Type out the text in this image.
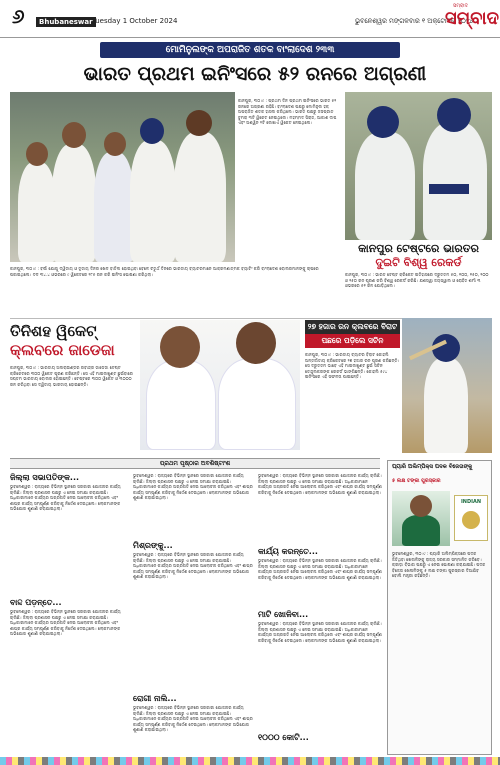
୬	Bhubaneswar Tuesday 1 October 2024	ଭୁବନେଶ୍ୱର ମଙ୍ଗଳବାର ୧ ଅକ୍ଟୋବର ୨୦୨୪
ସମ୍ବାଦ
ସମ୍ବାଦ
ମୋମିନୁଲଙ୍କ ଅପରାଜିତ ଶତକ ବାଂଲାଦେଶ ୨୩୩
ଭାରତ ପ୍ରଥମ ଇନିଂସରେ ୫୨ ରନରେ ଅଗ୍ରଣୀ
କାନପୁର, ୩୦।୯ : ପ୍ରଥମ ଦିନ ପ୍ରଥମ ଇନିଂସରେ ଭାରତ ୫୨ ରନରେ ଅଗ୍ରଣୀ ରହିଛି। ବାଂଲାଦେଶ ପକ୍ଷରୁ ମୋମିନୁଲ ହକ୍ ଅପରାଜିତ ଶତକ ହାସଲ କରିଥିଲେ। ଭାରତ ପକ୍ଷରୁ ଜସପ୍ରୀତ ବୁମରା ୩ଟି ୱିକେଟ ନେଇଥିଲେ। ମହମ୍ମଦ ସିରାଜ, ଆକାଶ ଦୀପ ଏବଂ ଅଶ୍ୱିନ ୨ଟି ଲେଖାଏଁ ୱିକେଟ ନେଇଥିଲେ।
କାନପୁର ଟେଷ୍ଟରେ ଭାରତର
ଦୁଇଟି ବିଶ୍ୱ ରେକର୍ଡ
କାନପୁର, ୩୦।୯ : ବର୍ଷା ଯୋଗୁ ଦ୍ୱିତୀୟ ଓ ତୃତୀୟ ଦିନର ଖେଳ ବାତିଲ ହୋଇଥିବା ବେଳେ ଚତୁର୍ଥ ଦିନରେ ଭାରତୀୟ ବ୍ୟାଟରମାନେ ଆକ୍ରମଣାତ୍ମକ ବ୍ୟାଟିଂ କରି ବାଂଲାଦେଶ ବୋଲରମାନଙ୍କୁ ଚାପରେ ପକାଇଥିଲେ। ଦଳ ୩୪.୪ ଓଭରରେ ୯ ୱିକେଟରେ ୨୮୫ ରନ କରି ଇନିଂସ ଘୋଷଣା କରିଥିଲା।	କାନପୁର, ୩୦।୯ : ଭାରତ ଟେଷ୍ଟ କ୍ରିକେଟ ଇତିହାସରେ ଦ୍ରୁତତମ ୫୦, ୧୦୦, ୧୫୦, ୨୦୦ ଓ ୨୫୦ ରନ ପୂରଣ କରି ବିଶ୍ୱ ରେକର୍ଡ କରିଛି। ଯଶସ୍ୱୀ ଜୟସ୍ୱାଲ ଓ ରୋହିତ ଶର୍ମା ୩ ଓଭରରେ ୫୧ ରନ ଯୋଡ଼ିଥିଲେ।
ତିନିଶହ ୱିକେଟ୍
କ୍ଲବରେ ଜାଡେଜା
କାନପୁର, ୩୦।୯ : ଭାରତୀୟ ଅଲରାଉଣ୍ଡର ରବୀନ୍ଦ୍ର ଜାଡେଜା ଟେଷ୍ଟ କ୍ରିକେଟରେ ୩୦୦ ୱିକେଟ ପୂରଣ କରିଛନ୍ତି। ସେ ଏହି ମାଇଲଖୁଣ୍ଟ ଛୁଇଁବାରେ ସପ୍ତମ ଭାରତୀୟ ବୋଲର ହୋଇଛନ୍ତି। ଟେଷ୍ଟରେ ୩୦୦ ୱିକେଟ ଓ ୩୦୦୦ ରନ କରିଥିବା ସେ ଦ୍ୱିତୀୟ ଭାରତୀୟ ହୋଇଛନ୍ତି।
୨୭ ହଜାର ରନ କ୍ଲବରେ ବିରାଟ
ପଛରେ ପଡ଼ିଲେ ସଚିନ
କାନପୁର, ୩୦।୯ : ଭାରତୀୟ ବ୍ୟାଟର ବିରାଟ କୋହଲି ଅନ୍ତର୍ଜାତୀୟ କ୍ରିକେଟରେ ୨୭ ହଜାର ରନ ପୂରଣ କରିଛନ୍ତି। ସେ ଦ୍ରୁତତମ ଭାବେ ଏହି ମାଇଲଖୁଣ୍ଟ ଛୁଇଁ ସଚିନ ତେନ୍ଦୁଲକରଙ୍କ ରେକର୍ଡ ଭାଙ୍ଗିଛନ୍ତି। କୋହଲି ୫୯୪ ଇନିଂସରେ ଏହି ସଫଳତା ପାଇଛନ୍ତି।
ପ୍ରଥମ ପୃଷ୍ଠାର ଅବଶିଷ୍ଟାଂଶ
ଜିଲ୍ଲା ସଭାପତିଙ୍କ...
ଭୁବନେଶ୍ୱର : ରାଜ୍ୟରେ ବିଭିନ୍ନ ସ୍ଥାନରେ ସରକାରୀ ଯୋଜନାର କାର୍ଯ୍ୟ ଚାଲିଛି। ଜିଲ୍ଲା ପ୍ରଶାସନ ପକ୍ଷରୁ ଏ ନେଇ ସମୀକ୍ଷା କରାଯାଇଛି। ଅଧିକାରୀମାନେ କାର୍ଯ୍ୟର ଅଗ୍ରଗତି ନେଇ ଆଲୋଚନା କରିଥିଲେ ଏବଂ ଶୀଘ୍ର କାର୍ଯ୍ୟ ସମ୍ପୂର୍ଣ୍ଣ କରିବାକୁ ନିର୍ଦ୍ଦେଶ ଦେଇଥିଲେ। ଲୋକମାନଙ୍କ ଅଭିଯୋଗ ଶୁଣାଣି କରାଯାଇଥିଲା।
ବାଦ୍ଦ ପଡ଼ନ୍ତେ...
ଭୁବନେଶ୍ୱର : ରାଜ୍ୟରେ ବିଭିନ୍ନ ସ୍ଥାନରେ ସରକାରୀ ଯୋଜନାର କାର୍ଯ୍ୟ ଚାଲିଛି। ଜିଲ୍ଲା ପ୍ରଶାସନ ପକ୍ଷରୁ ଏ ନେଇ ସମୀକ୍ଷା କରାଯାଇଛି। ଅଧିକାରୀମାନେ କାର୍ଯ୍ୟର ଅଗ୍ରଗତି ନେଇ ଆଲୋଚନା କରିଥିଲେ ଏବଂ ଶୀଘ୍ର କାର୍ଯ୍ୟ ସମ୍ପୂର୍ଣ୍ଣ କରିବାକୁ ନିର୍ଦ୍ଦେଶ ଦେଇଥିଲେ। ଲୋକମାନଙ୍କ ଅଭିଯୋଗ ଶୁଣାଣି କରାଯାଇଥିଲା।
ଭୁବନେଶ୍ୱର : ରାଜ୍ୟରେ ବିଭିନ୍ନ ସ୍ଥାନରେ ସରକାରୀ ଯୋଜନାର କାର୍ଯ୍ୟ ଚାଲିଛି। ଜିଲ୍ଲା ପ୍ରଶାସନ ପକ୍ଷରୁ ଏ ନେଇ ସମୀକ୍ଷା କରାଯାଇଛି। ଅଧିକାରୀମାନେ କାର୍ଯ୍ୟର ଅଗ୍ରଗତି ନେଇ ଆଲୋଚନା କରିଥିଲେ ଏବଂ ଶୀଘ୍ର କାର୍ଯ୍ୟ ସମ୍ପୂର୍ଣ୍ଣ କରିବାକୁ ନିର୍ଦ୍ଦେଶ ଦେଇଥିଲେ। ଲୋକମାନଙ୍କ ଅଭିଯୋଗ ଶୁଣାଣି କରାଯାଇଥିଲା।
ମିଶ୍ରଙ୍କୁ...
ଭୁବନେଶ୍ୱର : ରାଜ୍ୟରେ ବିଭିନ୍ନ ସ୍ଥାନରେ ସରକାରୀ ଯୋଜନାର କାର୍ଯ୍ୟ ଚାଲିଛି। ଜିଲ୍ଲା ପ୍ରଶାସନ ପକ୍ଷରୁ ଏ ନେଇ ସମୀକ୍ଷା କରାଯାଇଛି। ଅଧିକାରୀମାନେ କାର୍ଯ୍ୟର ଅଗ୍ରଗତି ନେଇ ଆଲୋଚନା କରିଥିଲେ ଏବଂ ଶୀଘ୍ର କାର୍ଯ୍ୟ ସମ୍ପୂର୍ଣ୍ଣ କରିବାକୁ ନିର୍ଦ୍ଦେଶ ଦେଇଥିଲେ। ଲୋକମାନଙ୍କ ଅଭିଯୋଗ ଶୁଣାଣି କରାଯାଇଥିଲା।
ରୋଗୀ ନାଲି...
ଭୁବନେଶ୍ୱର : ରାଜ୍ୟରେ ବିଭିନ୍ନ ସ୍ଥାନରେ ସରକାରୀ ଯୋଜନାର କାର୍ଯ୍ୟ ଚାଲିଛି। ଜିଲ୍ଲା ପ୍ରଶାସନ ପକ୍ଷରୁ ଏ ନେଇ ସମୀକ୍ଷା କରାଯାଇଛି। ଅଧିକାରୀମାନେ କାର୍ଯ୍ୟର ଅଗ୍ରଗତି ନେଇ ଆଲୋଚନା କରିଥିଲେ ଏବଂ ଶୀଘ୍ର କାର୍ଯ୍ୟ ସମ୍ପୂର୍ଣ୍ଣ କରିବାକୁ ନିର୍ଦ୍ଦେଶ ଦେଇଥିଲେ। ଲୋକମାନଙ୍କ ଅଭିଯୋଗ ଶୁଣାଣି କରାଯାଇଥିଲା।
ଭୁବନେଶ୍ୱର : ରାଜ୍ୟରେ ବିଭିନ୍ନ ସ୍ଥାନରେ ସରକାରୀ ଯୋଜନାର କାର୍ଯ୍ୟ ଚାଲିଛି। ଜିଲ୍ଲା ପ୍ରଶାସନ ପକ୍ଷରୁ ଏ ନେଇ ସମୀକ୍ଷା କରାଯାଇଛି। ଅଧିକାରୀମାନେ କାର୍ଯ୍ୟର ଅଗ୍ରଗତି ନେଇ ଆଲୋଚନା କରିଥିଲେ ଏବଂ ଶୀଘ୍ର କାର୍ଯ୍ୟ ସମ୍ପୂର୍ଣ୍ଣ କରିବାକୁ ନିର୍ଦ୍ଦେଶ ଦେଇଥିଲେ। ଲୋକମାନଙ୍କ ଅଭିଯୋଗ ଶୁଣାଣି କରାଯାଇଥିଲା।
କାର୍ଯ୍ୟ କରନ୍ତେ...
ଭୁବନେଶ୍ୱର : ରାଜ୍ୟରେ ବିଭିନ୍ନ ସ୍ଥାନରେ ସରକାରୀ ଯୋଜନାର କାର୍ଯ୍ୟ ଚାଲିଛି। ଜିଲ୍ଲା ପ୍ରଶାସନ ପକ୍ଷରୁ ଏ ନେଇ ସମୀକ୍ଷା କରାଯାଇଛି। ଅଧିକାରୀମାନେ କାର୍ଯ୍ୟର ଅଗ୍ରଗତି ନେଇ ଆଲୋଚନା କରିଥିଲେ ଏବଂ ଶୀଘ୍ର କାର୍ଯ୍ୟ ସମ୍ପୂର୍ଣ୍ଣ କରିବାକୁ ନିର୍ଦ୍ଦେଶ ଦେଇଥିଲେ। ଲୋକମାନଙ୍କ ଅଭିଯୋଗ ଶୁଣାଣି କରାଯାଇଥିଲା।
ମାଟି ଖୋଳିବା...
ଭୁବନେଶ୍ୱର : ରାଜ୍ୟରେ ବିଭିନ୍ନ ସ୍ଥାନରେ ସରକାରୀ ଯୋଜନାର କାର୍ଯ୍ୟ ଚାଲିଛି। ଜିଲ୍ଲା ପ୍ରଶାସନ ପକ୍ଷରୁ ଏ ନେଇ ସମୀକ୍ଷା କରାଯାଇଛି। ଅଧିକାରୀମାନେ କାର୍ଯ୍ୟର ଅଗ୍ରଗତି ନେଇ ଆଲୋଚନା କରିଥିଲେ ଏବଂ ଶୀଘ୍ର କାର୍ଯ୍ୟ ସମ୍ପୂର୍ଣ୍ଣ କରିବାକୁ ନିର୍ଦ୍ଦେଶ ଦେଇଥିଲେ। ଲୋକମାନଙ୍କ ଅଭିଯୋଗ ଶୁଣାଣି କରାଯାଇଥିଲା।
୧୦୦୦ କୋଟି...
ପ୍ୟାରି ଅଲିମ୍ପିକ୍ସ ପଦକ ବିଜେତାଙ୍କୁ
୫ ଲକ୍ଷ ଟଙ୍କା ପୁରସ୍କାର
INDIAN
ଭୁବନେଶ୍ୱର, ୩୦।୯ : ପ୍ୟାରି ଅଲିମ୍ପିକ୍ସରେ ପଦକ ଜିତିଥିବା ଖେଳାଳିଙ୍କୁ ରାଜ୍ୟ ସରକାର ସମ୍ମାନିତ କରିବେ। କ୍ରୀଡ଼ା ବିଭାଗ ପକ୍ଷରୁ ଏ ନେଇ ଘୋଷଣା କରାଯାଇଛି। ପଦକ ବିଜେତା ଖେଳାଳିଙ୍କୁ ୫ ଲକ୍ଷ ଟଙ୍କା ପୁରସ୍କାର ଦିଆଯିବ ବୋଲି ମନ୍ତ୍ରୀ କହିଛନ୍ତି।
